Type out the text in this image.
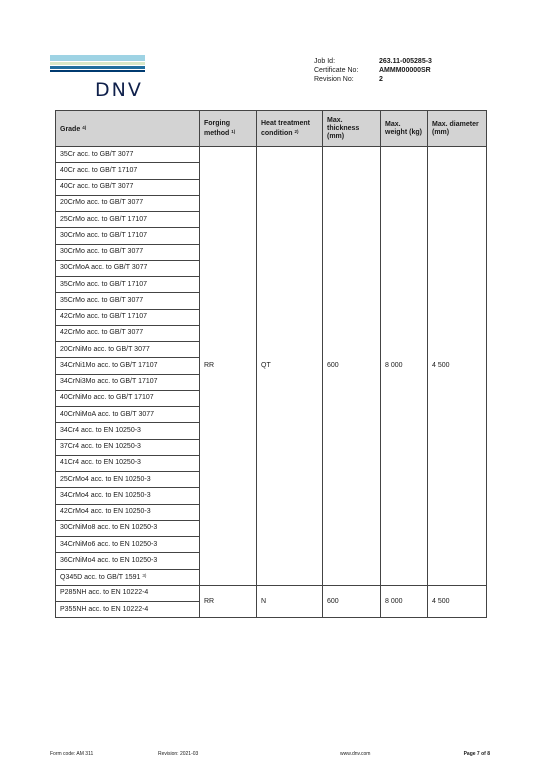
DNV
Job Id:	263.11-005285-3
Certificate No:	AMMM00000SR
Revision No:	2
Grade $^{4)}$	Forging method $^{1)}$	Heat treatment condition $^{2)}$	Max. thickness (mm)	Max. weight (kg)	Max. diameter (mm)
35Cr acc. to GB/T 3077	RR	QT	600	8 000	4 500
40Cr acc. to GB/T 17107					
40Cr acc. to GB/T 3077					
20CrMo acc. to GB/T 3077					
25CrMo acc. to GB/T 17107					
30CrMo acc. to GB/T 17107					
30CrMo acc. to GB/T 3077					
30CrMoA acc. to GB/T 3077					
35CrMo acc. to GB/T 17107					
35CrMo acc. to GB/T 3077					
42CrMo acc. to GB/T 17107					
42CrMo acc. to GB/T 3077					
20CrNiMo acc. to GB/T 3077					
34CrNi1Mo acc. to GB/T 17107					
34CrNi3Mo acc. to GB/T 17107					
40CrNiMo acc. to GB/T 17107					
40CrNiMoA acc. to GB/T 3077					
34Cr4 acc. to EN 10250-3					
37Cr4 acc. to EN 10250-3					
41Cr4 acc. to EN 10250-3					
25CrMo4 acc. to EN 10250-3					
34CrMo4 acc. to EN 10250-3					
42CrMo4 acc. to EN 10250-3					
30CrNiMo8 acc. to EN 10250-3					
34CrNiMo6 acc. to EN 10250-3					
36CrNiMo4 acc. to EN 10250-3					
Q345D acc. to GB/T 1591 $^{3)}$
P285NH acc. to EN 10222-4	RR	N	600	8 000	4 500
P355NH acc. to EN 10222-4					
Form code: AM 311	Revision: 2021-03	www.dnv.com	Page 7 of 8
